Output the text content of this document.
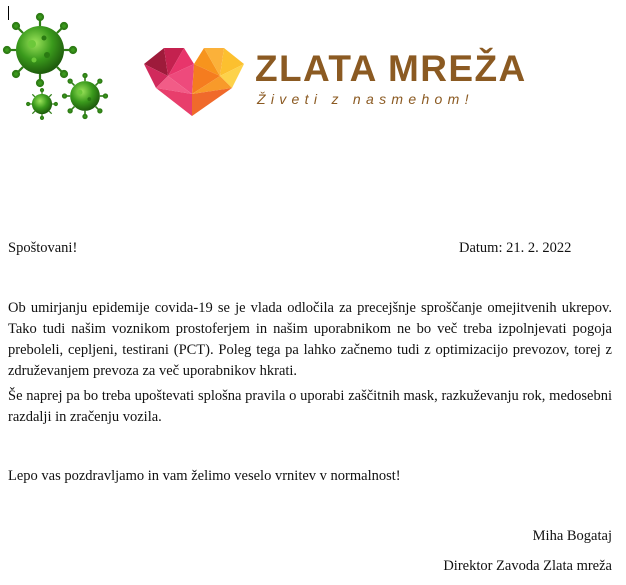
ZLATA MREŽA
Živeti z nasmehom!
Spoštovani!	Datum: 21. 2. 2022
Ob umirjanju epidemije covida-19 se je vlada odločila za precejšnje sproščanje omejitvenih ukrepov. Tako tudi našim voznikom prostoferjem in našim uporabnikom ne bo več treba izpolnjevati pogoja preboleli, cepljeni, testirani (PCT). Poleg tega pa lahko začnemo tudi z optimizacijo prevozov, torej z združevanjem prevoza za več uporabnikov hkrati.
Še naprej pa bo treba upoštevati splošna pravila o uporabi zaščitnih mask, razkuževanju rok, medosebni razdalji in zračenju vozila.
Lepo vas pozdravljamo in vam želimo veselo vrnitev v normalnost!
Miha Bogataj
Direktor Zavoda Zlata mreža
